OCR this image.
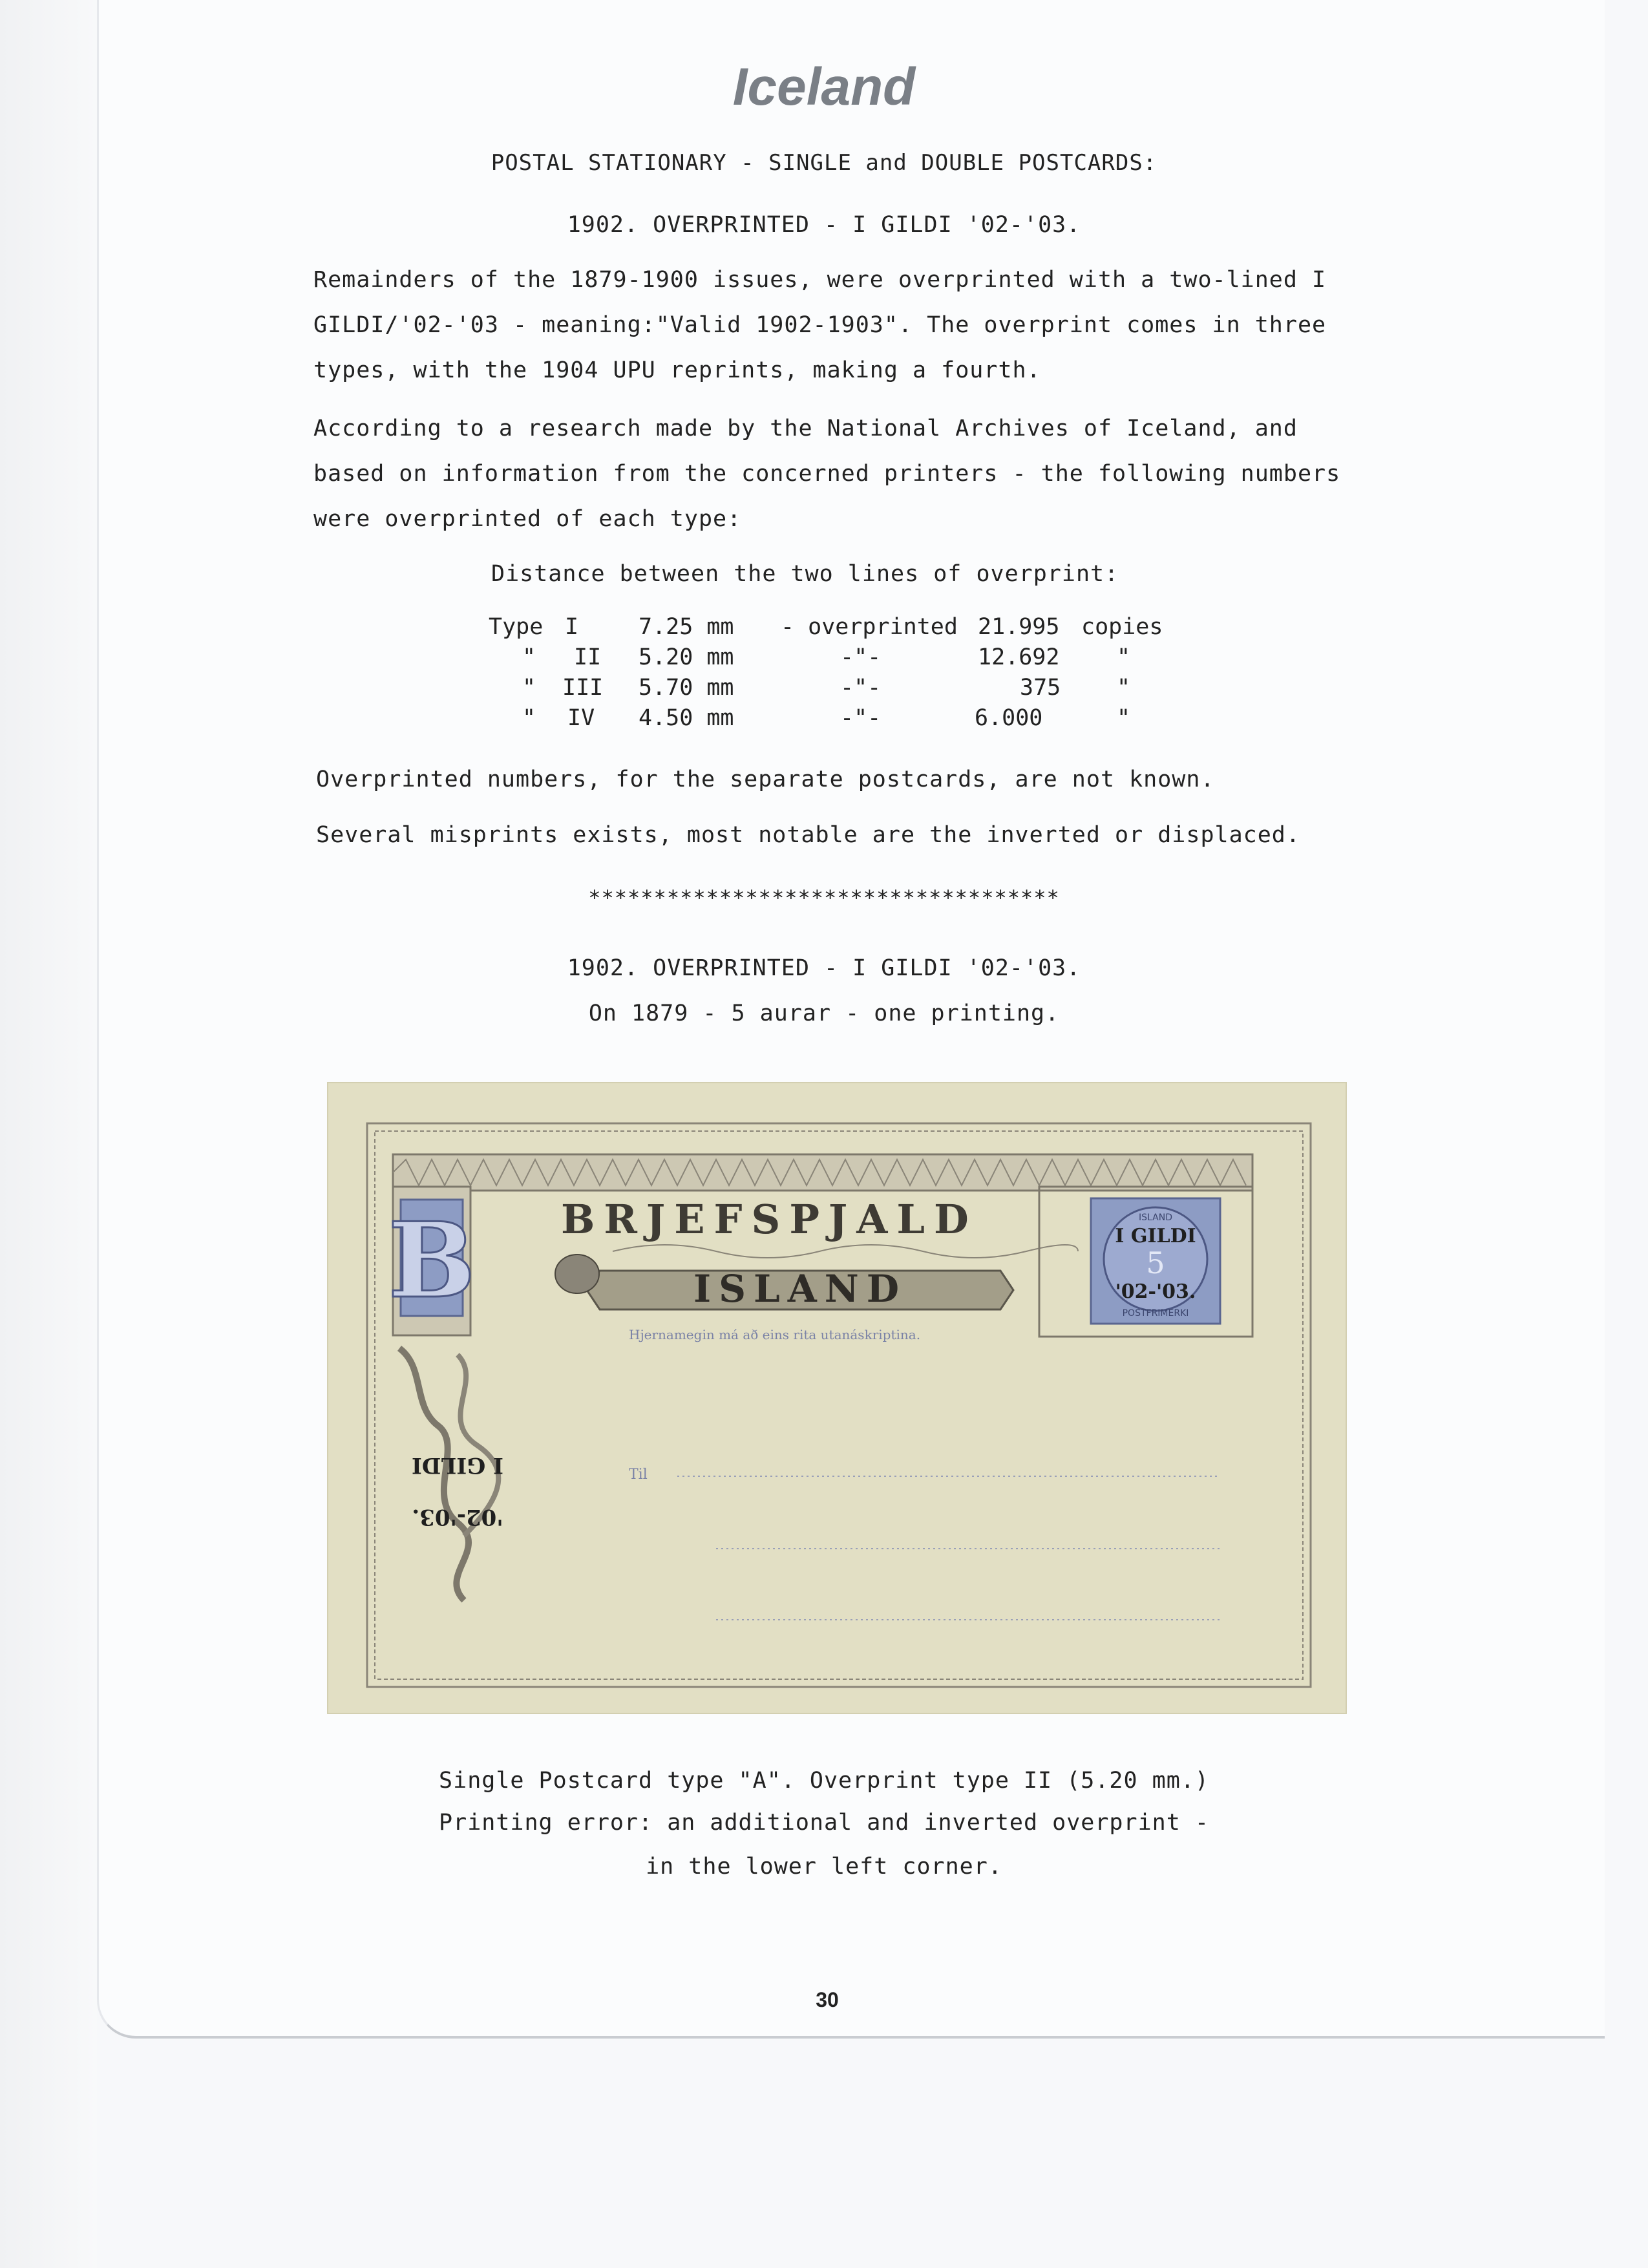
Iceland
POSTAL STATIONARY - SINGLE and DOUBLE POSTCARDS:
1902. OVERPRINTED - I GILDI '02-'03.
Remainders of the 1879-1900 issues, were overprinted with a two-lined I GILDI/'02-'03 - meaning:"Valid 1902-1903". The overprint comes in three types, with the 1904 UPU reprints, making a fourth.
According to a research made by the National Archives of Iceland, and based on information from the concerned printers - the following numbers were overprinted of each type:
Distance between the two lines of overprint:
Type I	7.25 mm - overprinted 21.995 copies
" II 5.20 mm	-"-	12.692	"
" III 5.70 mm	-"-	375 "
" IV 4.50 mm	-"-	6.000	"
Overprinted numbers, for the separate postcards, are not known.
Several misprints exists, most notable are the inverted or displaced.
************************************
1902. OVERPRINTED - I GILDI '02-'03.
On 1879 - 5 aurar - one printing.
B BRJEFSPJALD
ISLAND
Hjernamegin má að eins rita utanáskriptina.
ISLAND
I GILDI
5
'02-'03.
POSTFRIMERKI
'02-'03.
I GILDI	Til
Single Postcard type "A". Overprint type II (5.20 mm.)
Printing error: an additional and inverted overprint -
in the lower left corner.
30
